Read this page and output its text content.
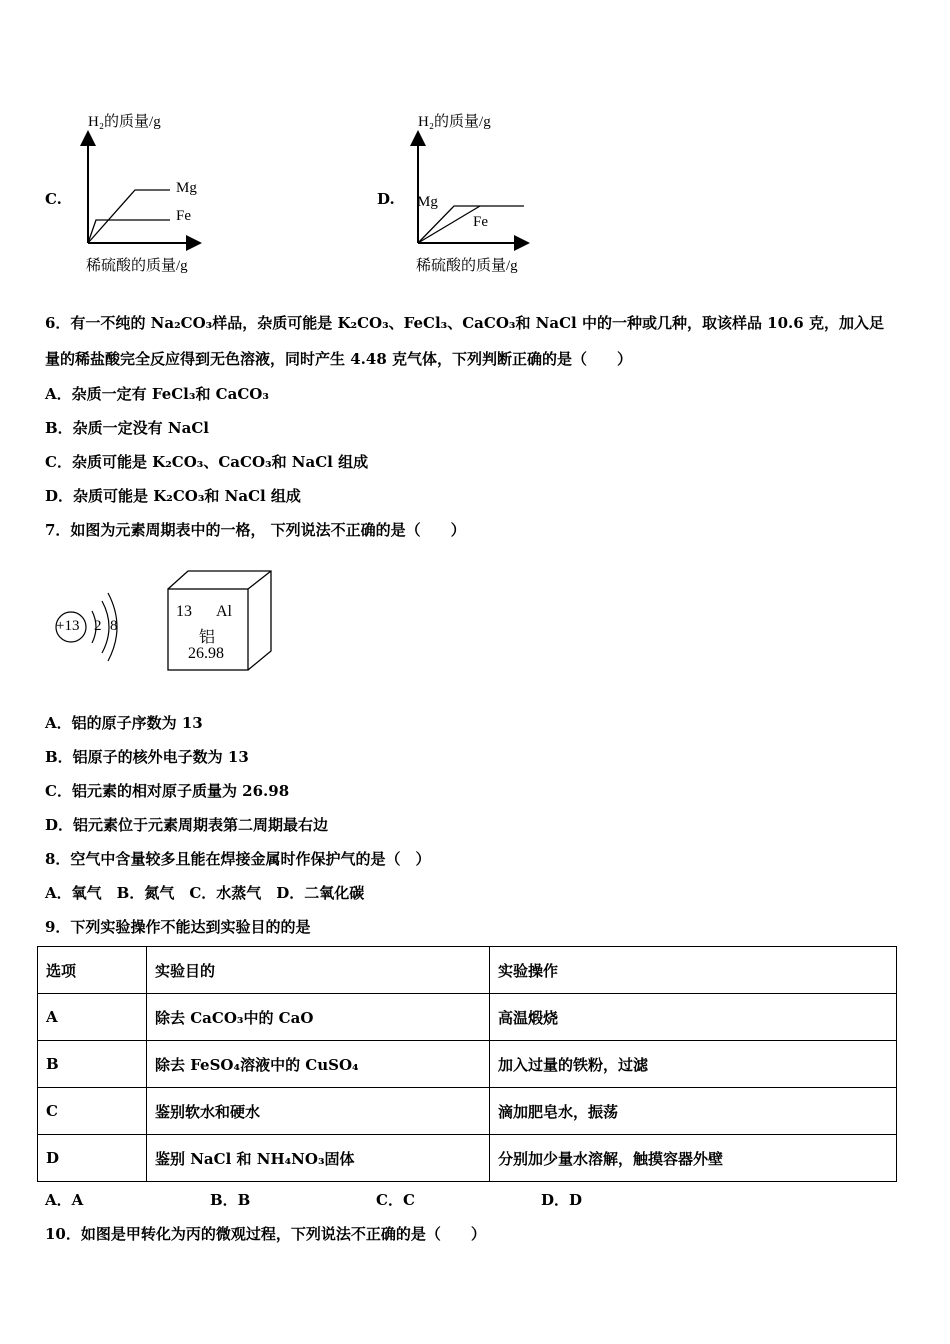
C.
H₂的质量/g
稀硫酸的质量/g
Mg
Fe
D.
H₂的质量/g
稀硫酸的质量/g
Mg
Fe
6．有一不纯的 Na₂CO₃样品，杂质可能是 K₂CO₃、FeCl₃、CaCO₃和 NaCl 中的一种或几种，取该样品 10.6 克，加入足
量的稀盐酸完全反应得到无色溶液，同时产生 4.48 克气体，下列判断正确的是（　　）
A．杂质一定有 FeCl₃和 CaCO₃
B．杂质一定没有 NaCl
C．杂质可能是 K₂CO₃、CaCO₃和 NaCl 组成
D．杂质可能是 K₂CO₃和 NaCl 组成
7．如图为元素周期表中的一格， 下列说法不正确的是（　　）
+13 2 8
13 Al
铝
26.98
A．铝的原子序数为 13
B．铝原子的核外电子数为 13
C．铝元素的相对原子质量为 26.98
D．铝元素位于元素周期表第二周期最右边
8．空气中含量较多且能在焊接金属时作保护气的是（　）
A．氧气　B．氮气　C．水蒸气　D．二氧化碳
9．下列实验操作不能达到实验目的的是
选项	实验目的	实验操作
A	除去 CaCO₃中的 CaO	高温煅烧
B	除去 FeSO₄溶液中的 CuSO₄	加入过量的铁粉，过滤
C	鉴别软水和硬水	滴加肥皂水，振荡
D	鉴别 NaCl 和 NH₄NO₃固体	分别加少量水溶解，触摸容器外壁
A．A	B．B	C．C	D．D
10．如图是甲转化为丙的微观过程，下列说法不正确的是（　　）
